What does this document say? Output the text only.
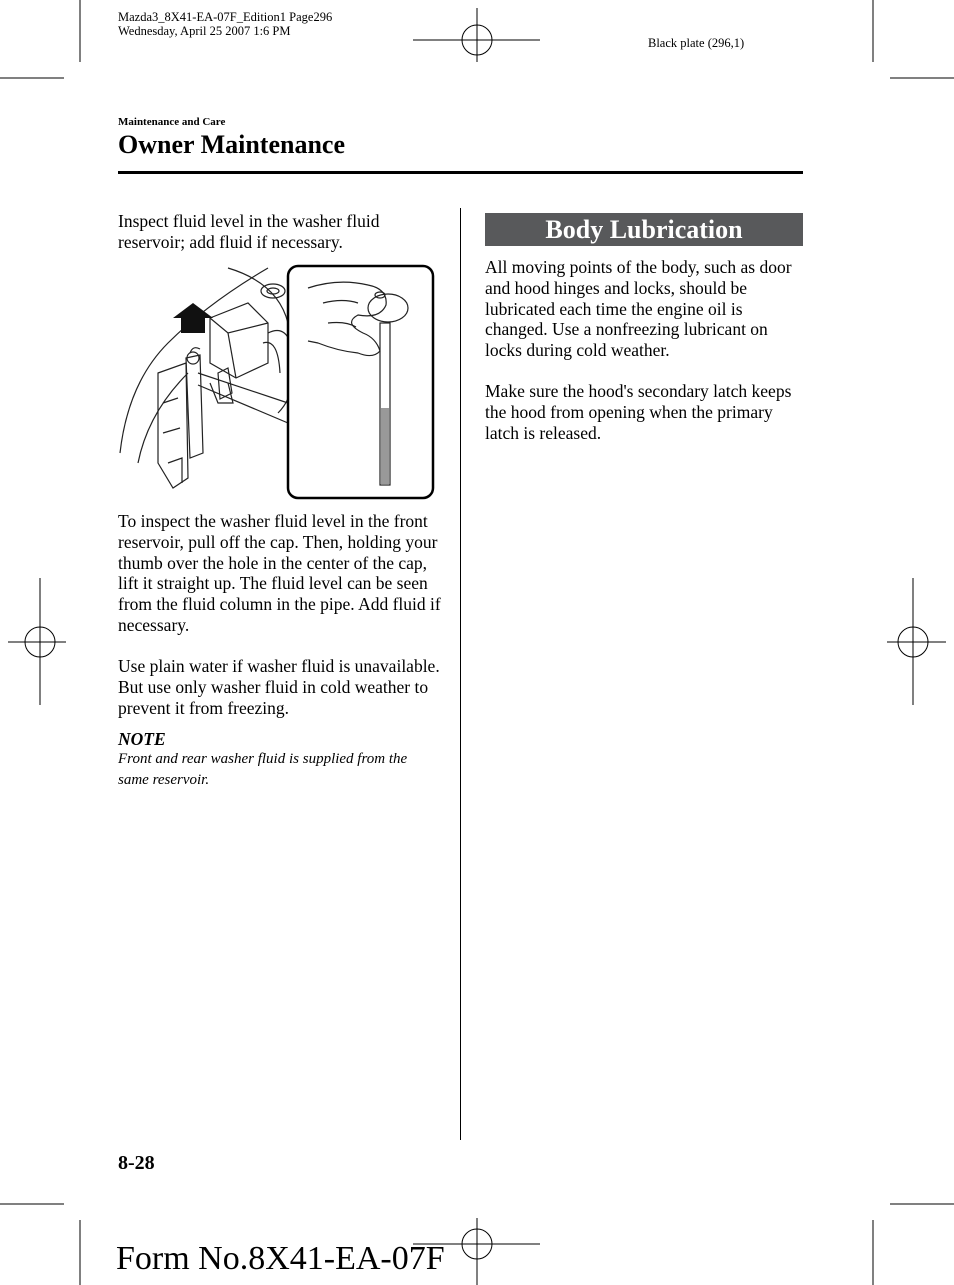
Mazda3_8X41-EA-07F_Edition1 Page296
Wednesday, April 25 2007 1:6 PM
Black plate (296,1)
Maintenance and Care
Owner Maintenance
Inspect fluid level in the washer fluid reservoir; add fluid if necessary.
To inspect the washer fluid level in the front reservoir, pull off the cap. Then, holding your thumb over the hole in the center of the cap, lift it straight up. The fluid level can be seen from the fluid column in the pipe. Add fluid if necessary.
Use plain water if washer fluid is unavailable. But use only washer fluid in cold weather to prevent it from freezing.
NOTE
Front and rear washer fluid is supplied from the same reservoir.
Body Lubrication
All moving points of the body, such as door and hood hinges and locks, should be lubricated each time the engine oil is changed. Use a nonfreezing lubricant on locks during cold weather.
Make sure the hood's secondary latch keeps the hood from opening when the primary latch is released.
8-28
Form No.8X41-EA-07F
